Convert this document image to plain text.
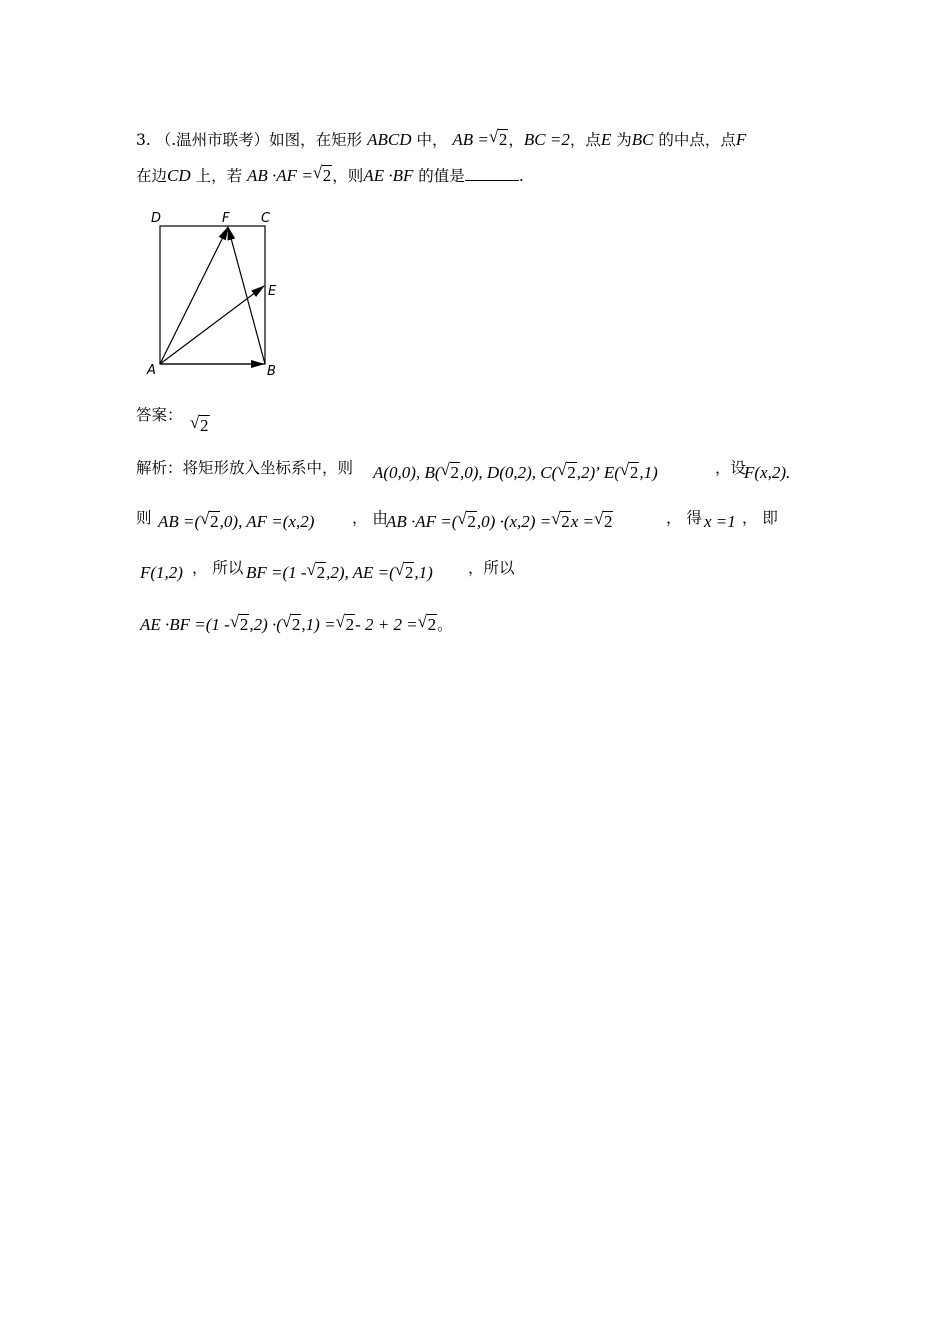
3. （.温州市联考）如图，在矩形 ABCD 中， AB = √ 2，BC =2，点E 为BC 的中点，点F
在边CD 上，若 AB ·AF = √ 2，则AE ·BF 的值是	.
D	F C
E
A	B
答案： √ 2
解析：将矩形放入坐标系中，则 A(0,0), B( √ 2,0), D(0,2), C( √ 2,2)’ E( √ 2,1)	，设
F(x,2).
则 AB =( √ 2,0), AF =(x,2) ， 由
AB ·AF =( √ 2,0) ·(x,2) = √ 2x = √ 2	， 得 x =1 ， 即
F(1,2) ， 所以 BF =(1 - √ 2,2), AE =( √ 2,1) ，所以
AE ·BF =(1 - √ 2,2) ·( √ 2,1) = √ 2- 2 + 2 = √ 2。
